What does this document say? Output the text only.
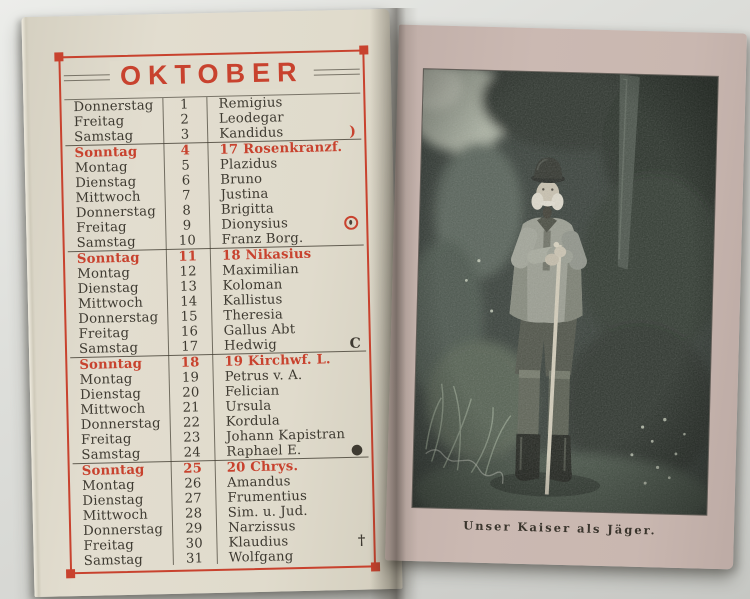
OKTOBER
Donnerstag	1	Remigius
Freitag	2	Leodegar
Samstag	3	Kandidus	)
Sonntag	4	17 Rosenkranzf.
Montag	5	Plazidus
Dienstag	6	Bruno
Mittwoch	7	Justina
Donnerstag	8	Brigitta
Freitag	9	Dionysius
Samstag	10	Franz Borg.
Sonntag	11	18 Nikasius
Montag	12	Maximilian
Dienstag	13	Koloman
Mittwoch	14	Kallistus
Donnerstag	15	Theresia
Freitag	16	Gallus Abt
Samstag	17	Hedwig	C
Sonntag	18	19 Kirchwf. L.
Montag	19	Petrus v. A.
Dienstag	20	Felician
Mittwoch	21	Ursula
Donnerstag	22	Kordula
Freitag	23	Johann Kapistran
Samstag	24	Raphael E.	●
Sonntag	25	20 Chrys.
Montag	26	Amandus
Dienstag	27	Frumentius
Mittwoch	28	Sim. u. Jud.
Donnerstag	29	Narzissus
Freitag	30	Klaudius	†
Samstag	31	Wolfgang
Unser Kaiser als Jäger.
